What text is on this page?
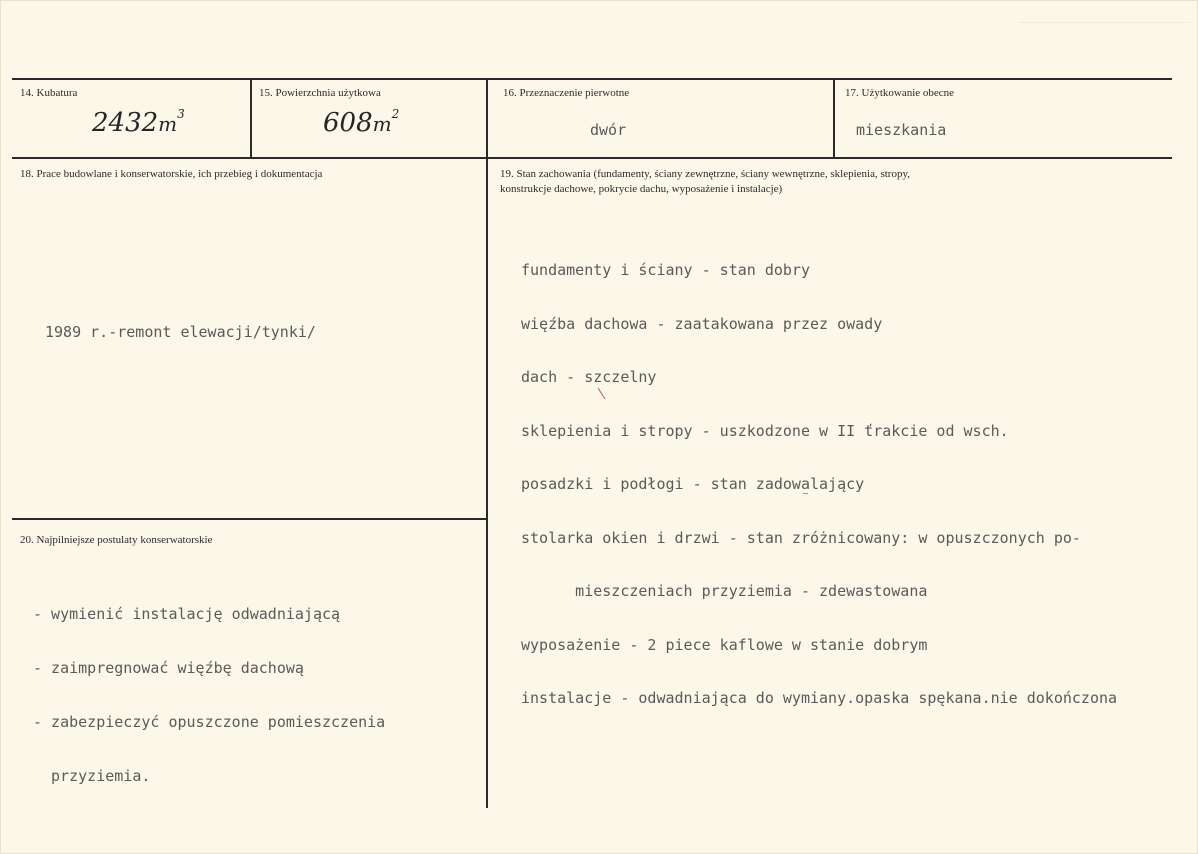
14. Kubatura
$2432m^3$
15. Powierzchnia użytkowa
$608m^2$
16. Przeznaczenie pierwotne
dwór
17. Użytkowanie obecne
mieszkania
18. Prace budowlane i konserwatorskie, ich przebieg i dokumentacja
1989 r.-remont elewacji/tynki/
19. Stan zachowania (fundamenty, ściany zewnętrzne, ściany wewnętrzne, sklepienia, stropy,
konstrukcje dachowe, pokrycie dachu, wyposażenie i instalacje)

fundamenty i ściany - stan dobry

więźba dachowa - zaatakowana przez owady

dach - szczelny

sklepienia i stropy - uszkodzone w II ťrakcie od wsch.

posadzki i podłogi - stan zadowalający

stolarka okien i drzwi - stan zróżnicowany: w opuszczonych po-

mieszczeniach przyziemia - zdewastowana

wyposażenie - 2 piece kaflowe w stanie dobrym

instalacje - odwadniająca do wymiany.opaska spękana.nie dokończona

20. Najpilniejsze postulaty konserwatorskie

- wymienić instalację odwadniającą

- zaimpregnować więźbę dachową

- zabezpieczyć opuszczone pomieszczenia

przyziemia.
